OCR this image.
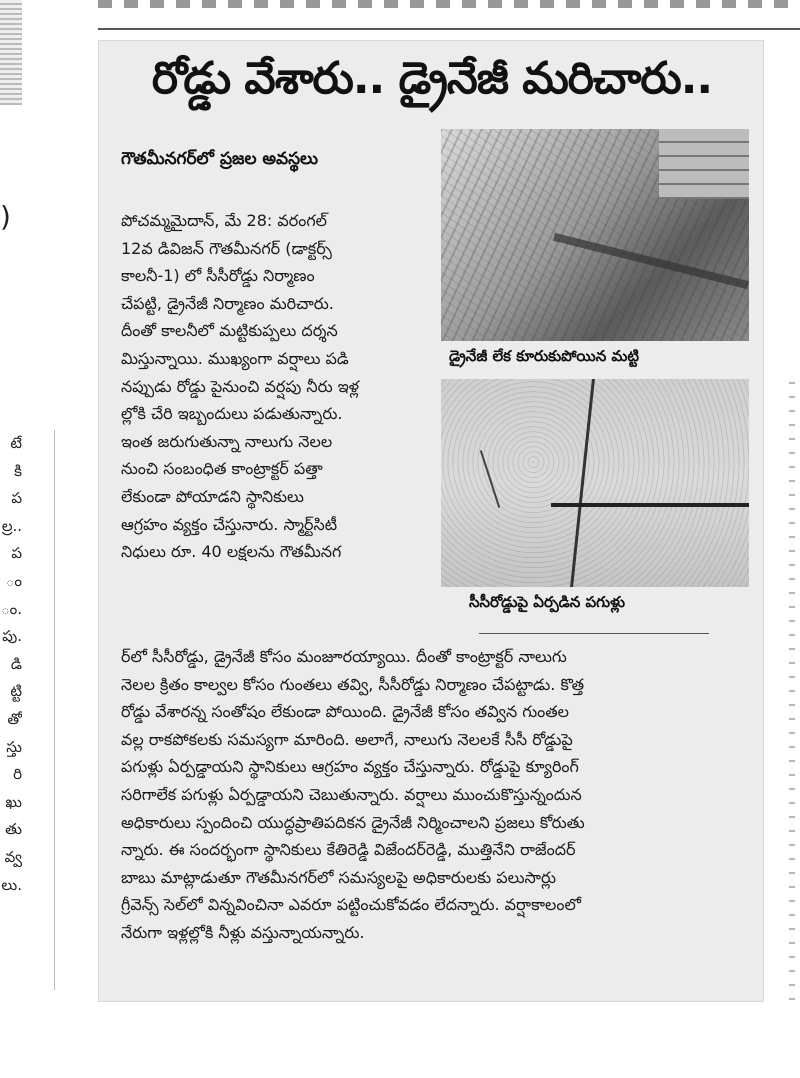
)
టే
కి
ప
ల్ర..
ప
ం
ం.
పు.
డి
ట్టి
తో
స్తు
రి
ఖు
తు
వ్వ
లు.
రోడ్డు వేశారు.. డ్రైనేజీ మరిచారు..
గౌతమీనగర్‌లో ప్రజల అవస్థలు
పోచమ్మమైదాన్, మే 28: వరంగల్
12వ డివిజన్ గౌతమీనగర్ (డాక్టర్స్
కాలనీ-1) లో సీసీరోడ్డు నిర్మాణం
చేపట్టి, డ్రైనేజీ నిర్మాణం మరిచారు.
దీంతో కాలనీలో మట్టికుప్పలు దర్శన
మిస్తున్నాయి. ముఖ్యంగా వర్షాలు పడి
నప్పుడు రోడ్డు పైనుంచి వర్షపు నీరు ఇళ్ల
ల్లోకి చేరి ఇబ్బందులు పడుతున్నారు.
ఇంత జరుగుతున్నా నాలుగు నెలల
నుంచి సంబంధిత కాంట్రాక్టర్ పత్తా
లేకుండా పోయాడని స్థానికులు
ఆగ్రహం వ్యక్తం చేస్తునారు. స్మార్ట్‌సిటీ
నిధులు రూ. 40 లక్షలను గౌతమీనగ
డ్రైనేజీ లేక కూరుకుపోయిన మట్టి
సీసీరోడ్డుపై ఏర్పడిన పగుళ్లు
ర్‌లో సీసీరోడ్డు, డ్రైనేజీ కోసం మంజూరయ్యాయి. దీంతో కాంట్రాక్టర్ నాలుగు
నెలల క్రితం కాల్వల కోసం గుంతలు తవ్వి, సీసీరోడ్డు నిర్మాణం చేపట్టాడు. కొత్త
రోడ్డు వేశారన్న సంతోషం లేకుండా పోయింది. డ్రైనేజీ కోసం తవ్విన గుంతల
వల్ల రాకపోకలకు సమస్యగా మారింది. అలాగే, నాలుగు నెలలకే సీసీ రోడ్డుపై
పగుళ్లు ఏర్పడ్డాయని స్థానికులు ఆగ్రహం వ్యక్తం చేస్తున్నారు. రోడ్డుపై క్యూరింగ్
సరిగాలేక పగుళ్లు ఏర్పడ్డాయని చెబుతున్నారు. వర్షాలు ముంచుకొస్తున్నందున
అధికారులు స్పందించి యుద్ధప్రాతిపదికన డ్రైనేజీ నిర్మించాలని ప్రజలు కోరుతు
న్నారు. ఈ సందర్భంగా స్థానికులు కేతిరెడ్డి విజేందర్‌రెడ్డి, ముత్తినేని రాజేందర్
బాబు మాట్లాడుతూ గౌతమీనగర్‌లో సమస్యలపై అధికారులకు పలుసార్లు
గ్రీవెన్స్ సెల్‌లో విన్నవించినా ఎవరూ పట్టించుకోవడం లేదన్నారు. వర్షాకాలంలో
నేరుగా ఇళ్లల్లోకి నీళ్లు వస్తున్నాయన్నారు.
